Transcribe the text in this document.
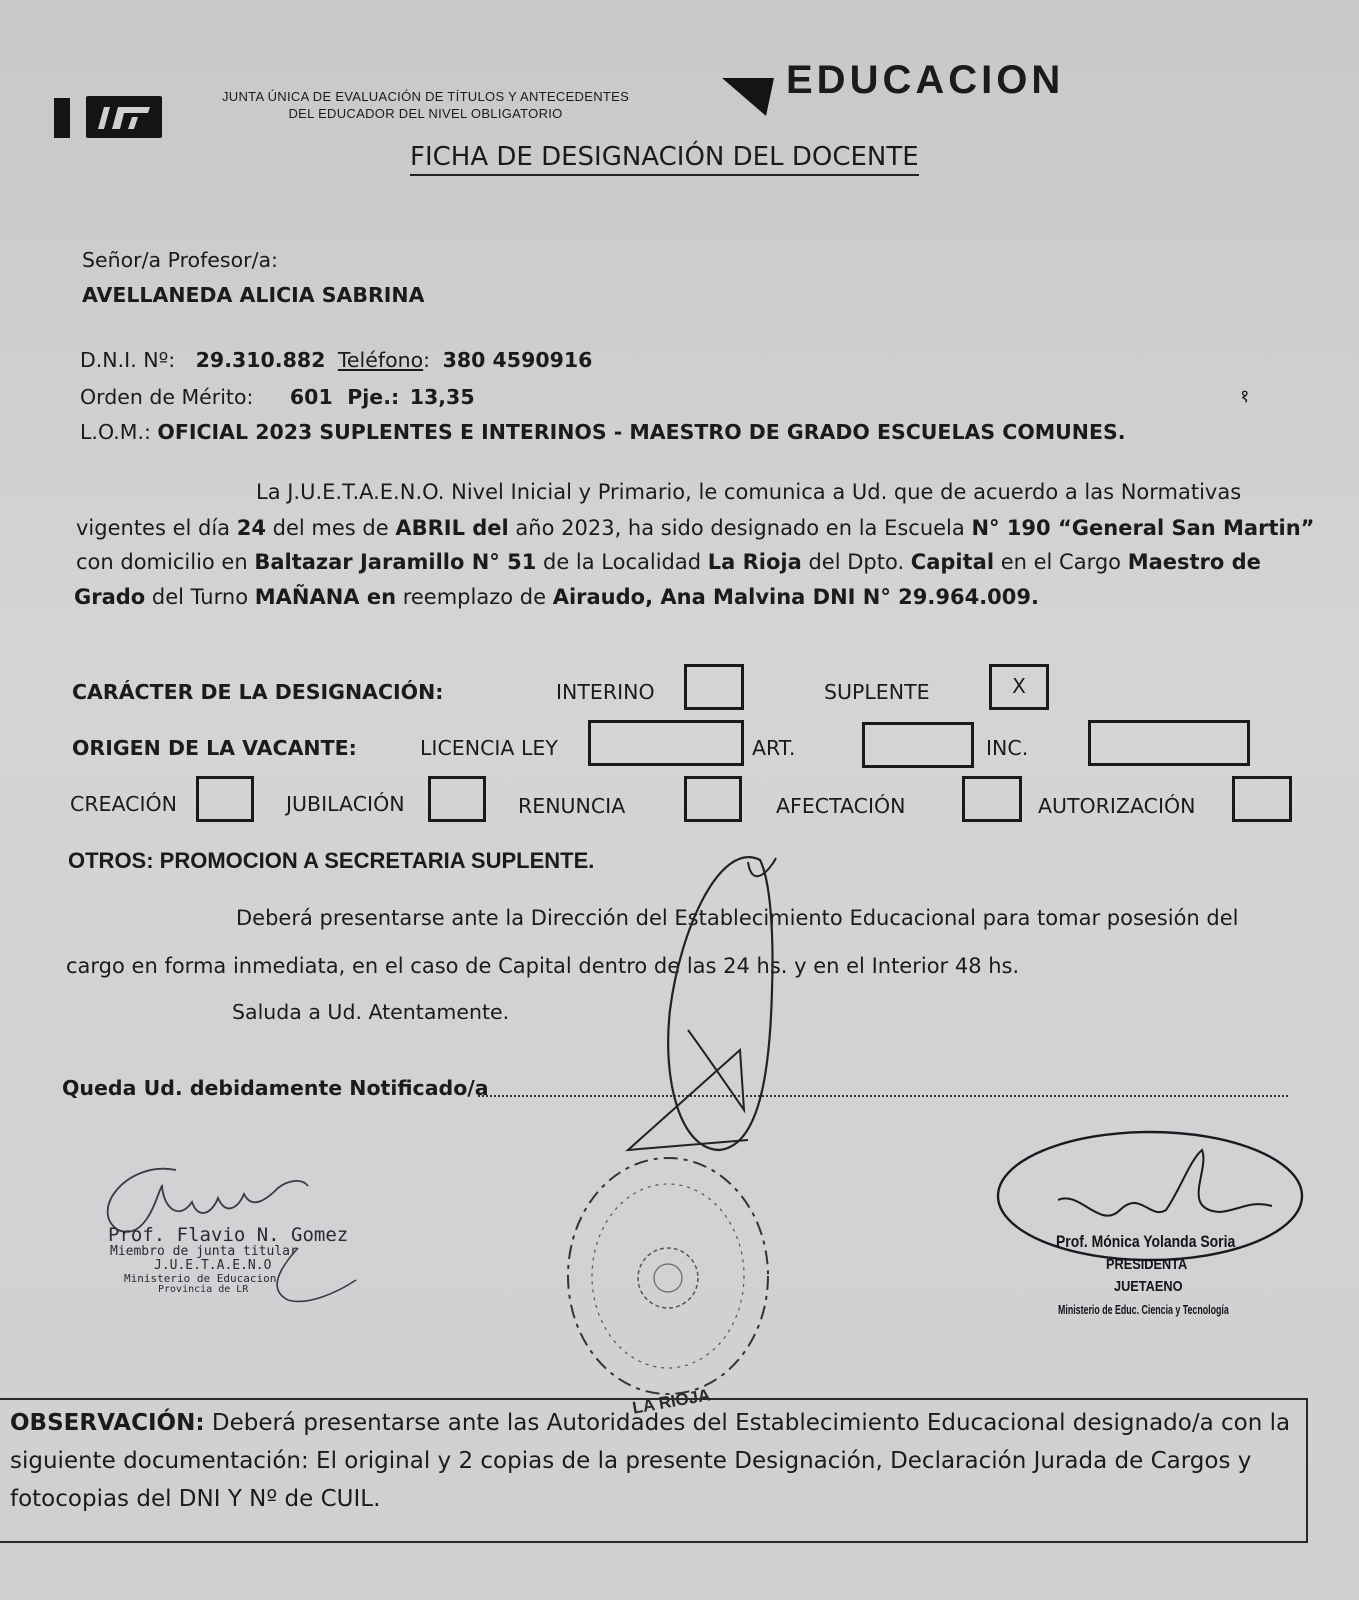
JUNTA ÚNICA DE EVALUACIÓN DE TÍTULOS Y ANTECEDENTES
DEL EDUCADOR DEL NIVEL OBLIGATORIO
EDUCACION
FICHA DE DESIGNACIÓN DEL DOCENTE
Señor/a Profesor/a:
AVELLANEDA ALICIA SABRINA
D.N.I. Nº: 29.310.882 Teléfono: 380 4590916
Orden de Mérito: 601 Pje.: 13,35	१
L.O.M.: OFICIAL 2023 SUPLENTES E INTERINOS - MAESTRO DE GRADO ESCUELAS COMUNES.
La J.U.E.T.A.E.N.O. Nivel Inicial y Primario, le comunica a Ud. que de acuerdo a las Normativas
vigentes el día 24 del mes de ABRIL del año 2023, ha sido designado en la Escuela N° 190 “General San Martin”
con domicilio en Baltazar Jaramillo N° 51 de la Localidad La Rioja del Dpto. Capital en el Cargo Maestro de
Grado del Turno MAÑANA en reemplazo de Airaudo, Ana Malvina DNI N° 29.964.009.
CARÁCTER DE LA DESIGNACIÓN:	INTERINO	SUPLENTE	X
ORIGEN DE LA VACANTE:	LICENCIA LEY	ART.	INC.
CREACIÓN	JUBILACIÓN	RENUNCIA	AFECTACIÓN	AUTORIZACIÓN
OTROS: PROMOCION A SECRETARIA SUPLENTE.
Deberá presentarse ante la Dirección del Establecimiento Educacional para tomar posesión del
cargo en forma inmediata, en el caso de Capital dentro de las 24 hs. y en el Interior 48 hs.
Saluda a Ud. Atentamente.
Queda Ud. debidamente Notificado/a
LA RIOJA
Prof. Flavio N. Gomez
Miembro de junta titular
J.U.E.T.A.E.N.O
Ministerio de Educacion
Provincia de LR
Prof. Mónica Yolanda Soria
PRESIDENTA
JUETAENO
Ministerio de Educ. Ciencia y Tecnología

OBSERVACIÓN: Deberá presentarse ante las Autoridades del Establecimiento Educacional designado/a con la siguiente documentación: El original y 2 copias de la presente Designación, Declaración Jurada de Cargos y fotocopias del DNI Y Nº de CUIL.
